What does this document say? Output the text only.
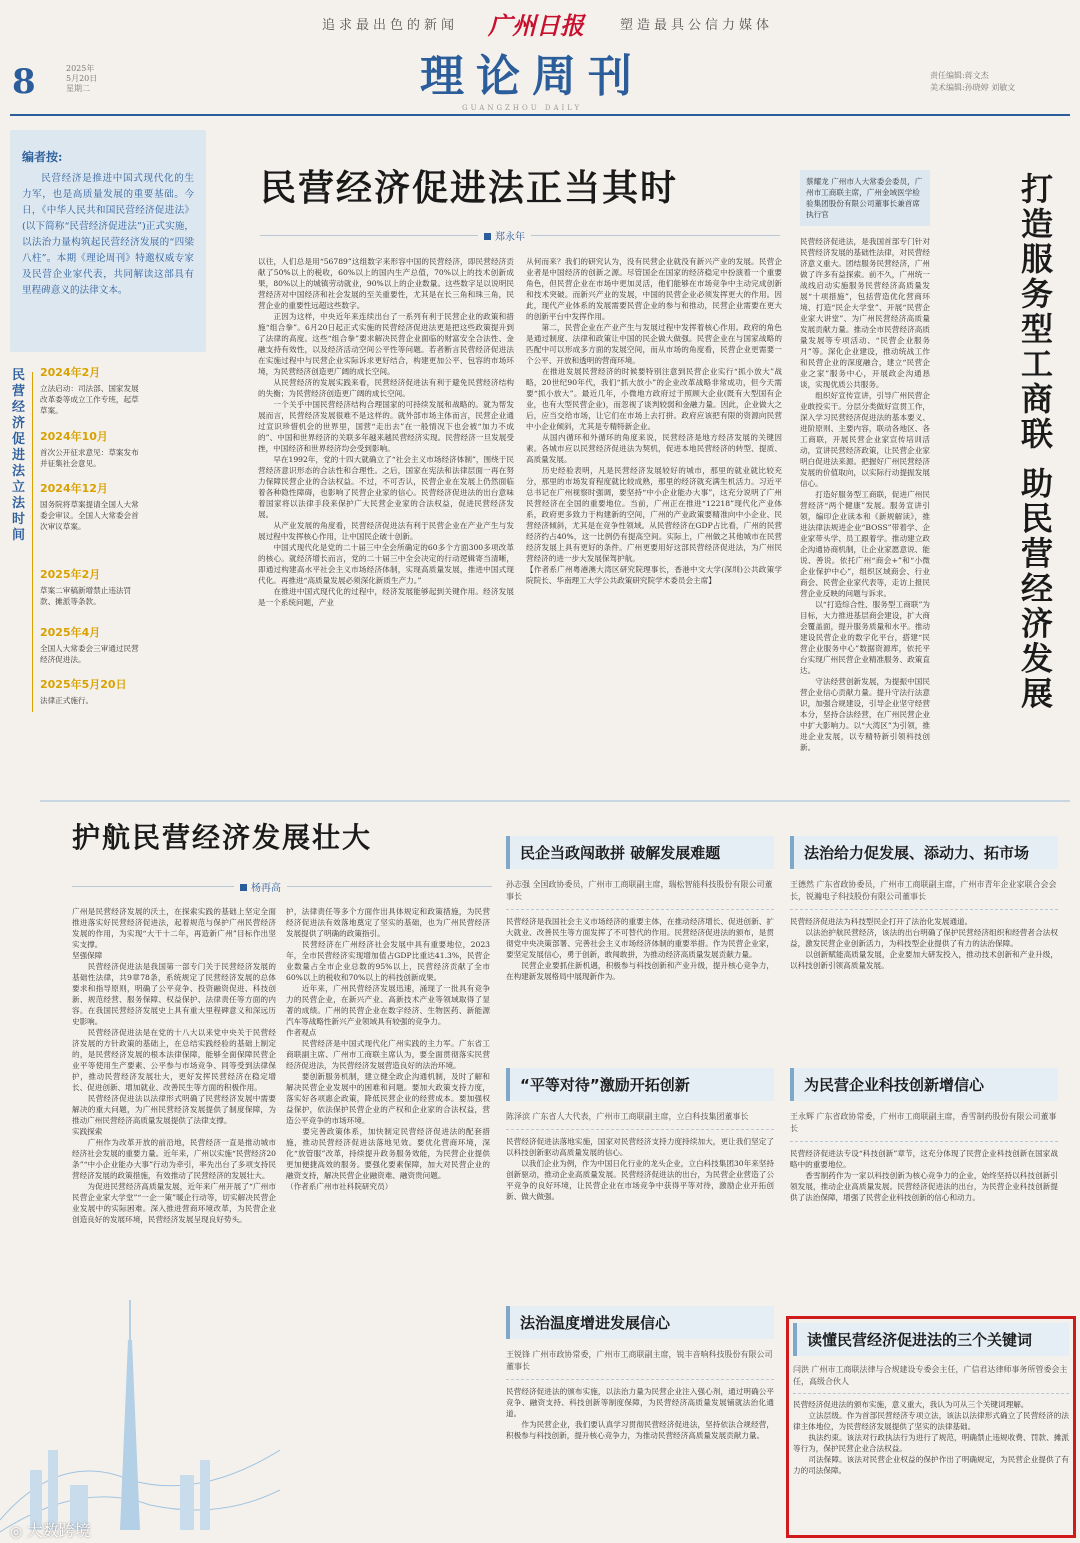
追求最出色的新闻 广州日报	塑造最具公信力媒体
理论周刊
GUANGZHOU DAILY
8	2025年
5月20日
星期二
责任编辑:蒋文杰
美术编辑:孙晓婷 刘敏文
编者按:
民营经济是推进中国式现代化的生力军，也是高质量发展的重要基础。今日，《中华人民共和国民营经济促进法》(以下简称“民营经济促进法”)正式实施，以法治力量构筑起民营经济发展的“四梁八柱”。本期《理论周刊》特邀权威专家及民营企业家代表，共同解读这部具有里程碑意义的法律文本。
民营经济促进法立法时间
2024年2月
立法启动：司法部、国家发展改革委等成立工作专班，起草草案。
2024年10月
首次公开征求意见：草案发布并征集社会意见。
2024年12月
国务院将草案提请全国人大常委会审议。全国人大常委会首次审议草案。
2025年2月
草案二审稿新增禁止违法罚款、摊派等条款。
2025年4月
全国人大常委会三审通过民营经济促进法。
2025年5月20日
法律正式施行。
民营经济促进法正当其时
郑永年
以往，人们总是用“56789”这组数字来形容中国的民营经济，即民营经济贡献了50%以上的税收，60%以上的国内生产总值，70%以上的技术创新成果，80%以上的城镇劳动就业，90%以上的企业数量。这些数字足以说明民营经济对中国经济和社会发展的至关重要性，尤其是在长三角和珠三角，民营企业的重要性远超这些数字。
　　正因为这样，中央近年来连续出台了一系列有利于民营企业的政策和措施“组合拳”。6月20日起正式实施的民营经济促进法更是把这些政策提升到了法律的高度。这些“组合拳”要求解决民营企业面临的财富安全合法性、金融支持有效性，以及经济活动空间公平性等问题。若者断言民营经济促进法在实施过程中与民营企业实际诉求更好结合，构建更加公平、包容的市场环境，为民营经济创造更广阔的成长空间。
　　从民营经济的发展实践来看，民营经济促进法有利于避免民营经济结构的失衡；为民营经济创造更广阔的成长空间。
　　一个关乎中国民营经济结构合理国家的可持续发展和战略的。就为帮发展而言，民营经济发展很难不是这样的。就外部市场主体而言，民营企业通过宣识珍惜机会的世界里，国营“走出去”在一般情况下也会被“加力不成的”、中国和世界经济的关联多年越来越民营经济实现。民营经济一旦发展受挫，中国经济和世界经济均会受到影响。
　　早在1992年，党的十四大就确立了“社会主义市场经济体制”，围绕于民营经济意识形态的合法性和合理性。之后，国家在宪法和法律层面一再在努力保障民营企业的合法权益。不过，不可否认，民营企业在发展上仍然面临着各种隐性障碍，也影响了民营企业家的信心。民营经济促进法的出台意味着国家将以法律手段来保护广大民营企业家的合法权益，促进民营经济发展。
　　从产业发展的角度看，民营经济促进法有利于民营企业在产业产生与发展过程中发挥核心作用，让中国民企破十创新。
　　中国式现代化是党的二十届三中全会所确定的60多个方面300多项改革的核心。就经济增长而言，党的二十届三中全会决定的行动逻辑寄当清晰，即通过构建高水平社会主义市场经济体制，实现高质量发展，推进中国式现代化。再推进“高质量发展必须深化新质生产力。”
　　在推进中国式现代化的过程中，经济发展能够起到关键作用。经济发展是一个系统问题，产业
从何而来？我们的研究认为，没有民营企业就没有新兴产业的发展。民营企业者是中国经济的创新之源。尽管国企在国家的经济稳定中扮演着一个重要角色，但民营企业在市场中更加灵活，他们能够在市场竞争中主动完成创新和技术突破。而新兴产业的发展，中国的民营企业必须发挥更大的作用。因此，现代产业体系的发展需要民营企业的参与和推动，民营企业需要在更大的创新平台中发挥作用。
　　第二，民营企业在产业产生与发展过程中发挥着核心作用。政府的角色是通过制度、法律和政策让中国的民企做大做强。民营企业在与国家战略的匹配中可以形成多方面的发展空间，而从市场的角度看，民营企业更需要一个公平、开放和透明的营商环境。
　　在推进发展民营经济的时候要特别注意到民营企业实行“抓小放大”战略，20世纪90年代，我们“抓大放小”的企业改革战略非常成功，但今天需要“抓小放大”。最近几年，小微地方政府过于照顾大企业(既有大型国有企业，也有大型民营企业)，而忽视了谈判较弱和金融力量。因此，企业做大之后，应当交给市场，让它们在市场上去打拼。政府应该把有限的资源向民营中小企业倾斜，尤其是专精特新企业。
　　从国内循环和外循环的角度来说，民营经济是地方经济发展的关键因素。各城市应以民营经济促进法为契机，促进本地民营经济的转型、提质、高质量发展。
　　历史经验表明，凡是民营经济发展较好的城市，那里的就业就比较充分，那里的市场发育程度就比较成熟，那里的经济就充满生机活力。习近平总书记在广州视察时强调，要坚持“中小企业能办大事”，这充分说明了广州民营经济在全国的重要地位。当前，广州正在推进“12218”现代化产业体系，政府更多致力于构建新的空间，广州的产业政策要精准向中小企业、民营经济倾斜，尤其是在竞争性领域。从民营经济在GDP占比看，广州的民营经济约占40%，这一比例仍有提高空间。实际上，广州做之其他城市在民营经济发展上具有更好的条件。广州更要用好这部民营经济促进法，为广州民营经济的进一步大发展保驾护航。
【作者系广州粤港澳大湾区研究院理事长，香港中文大学(深圳)公共政策学院院长、华南理工大学公共政策研究院学术委员会主席】
蔡耀龙 广州市人大常委会委员，广州市工商联主席，广州金域医学检验集团股份有限公司董事长兼首席执行官
民营经济促进法，是我国首部专门针对民营经济发展的基础性法律，对民营经济意义重大。团结服务民营经济，广州做了许多有益探索。前不久，广州统一战线启动实施服务民营经济高质量发展“十项措施”，包括营造优化营商环境、打造“民企大学堂”、开展“民营企业家大讲堂”、为广州民营经济高质量发展贡献力量。推动全市民营经济高质量发展等专项活动、“民营企业服务月”等。深化企业建设，推动统战工作和民营企业的深度融合，建立“民营企业之家”服务中心，开展政企沟通恳谈，实现优质公共服务。
　　组织好宣传宣讲，引导广州民营企业敢投实干。分层分类做好宣贯工作，深入学习民营经济促进法的基本要义、进阶原则、主要内容，联动各地区、各工商联，开展民营企业家宣传培训活动，宣讲民营经济政策，让民营企业家明白促进法来源。把握好广州民营经济发展的价值取向，以实际行动提振发展信心。
　　打造好服务型工商联，促进广州民营经济“两个健康”发展。服务宣讲引领，编印企业读本和《新规解读》，推进法律法规进企业“BOSS”带着学、企业家带头学、员工跟着学。推动建立政企沟通协商机制，让企业家愿意说、能说、善说。依托广州“商会+”和“小微企业保护中心”，组织区域商会、行业商会、民营企业家代表等，走访上报民营企业反映的问题与诉求。
　　以“打造综合性、服务型工商联”为目标，大力推进基层商会建设，扩大商会覆盖面，提升服务质量和水平。推动建设民营企业的数字化平台，搭建“民营企业服务中心”数据资源库，依托平台实现广州民营企业精准服务、政策直达。
　　守法经营创新发展，为提振中国民营企业信心贡献力量。提升守法行法意识，加强合规建设，引导企业坚守经营本分，坚持合法经营，在广州民营企业中扩大影响力。以“大湾区”为引领，推进企业发展，以专精特新引领科技创新。
打造服务型工商联 助民营经济发展
护航民营经济发展壮大
杨再高
广州是民营经济发展的沃土，在探索实践的基础上坚定全面推进落实好民营经济促进法，起着规范与保护广州民营经济发展的作用，为实现“大干十二年，再造新广州”目标作出坚实支撑。
坚强保障
　　民营经济促进法是我国第一部专门关于民营经济发展的基础性法律，共9章78条，系统规定了民营经济发展的总体要求和指导原则，明确了公平竞争、投资融资促进、科技创新、规范经营、服务保障、权益保护、法律责任等方面的内容。在我国民营经济发展史上具有重大里程碑意义和深远历史影响。
　　民营经济促进法是在党的十八大以来党中央关于民营经济发展的方针政策的基础上，在总结实践经验的基础上制定的，是民营经济发展的根本法律保障，能够全面保障民营企业平等使用生产要素、公平参与市场竞争、同等受到法律保护，推动民营经济发展壮大，更好发挥民营经济在稳定增长、促进创新、增加就业、改善民生等方面的积极作用。
　　民营经济促进法以法律形式明确了民营经济发展中需要解决的重大问题，为广州民营经济发展提供了制度保障，为推动广州民营经济高质量发展提供了法律支撑。
实践探索
　　广州作为改革开放的前沿地，民营经济一直是推动城市经济社会发展的重要力量。近年来，广州以实施“民营经济20条”“中小企业能办大事”行动为牵引，率先出台了多项支持民营经济发展的政策措施，有效推动了民营经济的发展壮大。
　　为促进民营经济高质量发展，近年来广州开展了“广州市民营企业家大学堂”“一企一策”暖企行动等，切实解决民营企业发展中的实际困难。深入推进营商环境改革，为民营企业创造良好的发展环境，民营经济发展呈现良好势头。
护，法律责任等多个方面作出具体规定和政策措施，为民营经济促进法有效落地奠定了坚实的基础，也为广州民营经济发展提供了明确的政策指引。
　　民营经济在广州经济社会发展中具有重要地位，2023年，全市民营经济实现增加值占GDP比重达41.3%，民营企业数量占全市企业总数的95%以上，民营经济贡献了全市60%以上的税收和70%以上的科技创新成果。
　　近年来，广州民营经济发展迅速，涌现了一批具有竞争力的民营企业，在新兴产业、高新技术产业等领域取得了显著的成绩。广州的民营企业在数字经济、生物医药、新能源汽车等战略性新兴产业领域具有较强的竞争力。
作者观点
　　民营经济是中国式现代化广州实践的主力军。广东省工商联副主席、广州市工商联主席认为，要全面贯彻落实民营经济促进法，为民营经济发展营造良好的法治环境。
　　要创新服务机制，建立健全政企沟通机制，及时了解和解决民营企业发展中的困难和问题。要加大政策支持力度，落实好各项惠企政策，降低民营企业的经营成本。要加强权益保护，依法保护民营企业的产权和企业家的合法权益，营造公平竞争的市场环境。
　　要完善政策体系，加快制定民营经济促进法的配套措施，推动民营经济促进法落地见效。要优化营商环境，深化“放管服”改革，持续提升政务服务效能，为民营企业提供更加便捷高效的服务。要强化要素保障，加大对民营企业的融资支持，解决民营企业融资难、融资贵问题。
（作者系广州市社科院研究员）
◎ 大数跨境
民企当政闯敢拼 破解发展难题
孙志强 全国政协委员，广州市工商联副主席，瑞松智能科技股份有限公司董事长
民营经济是我国社会主义市场经济的重要主体，在推动经济增长、促进创新、扩大就业、改善民生等方面发挥了不可替代的作用。民营经济促进法的颁布，是贯彻党中央决策部署、完善社会主义市场经济体制的重要举措。作为民营企业家，要坚定发展信心，勇于创新，敢闯敢拼，为推动经济高质量发展贡献力量。
　　民营企业要抓住新机遇，积极参与科技创新和产业升级，提升核心竞争力，在构建新发展格局中展现新作为。
法治给力促发展、添动力、拓市场
王德然 广东省政协委员，广州市工商联副主席，广州市青年企业家联合会会长，锐瀚电子科技股份有限公司董事长
民营经济促进法为科技型民企打开了法治化发展通道。
　　以法治护航民营经济，该法的出台明确了保护民营经济组织和经营者合法权益，激发民营企业创新活力，为科技型企业提供了有力的法治保障。
　　以创新赋能高质量发展，企业要加大研发投入，推动技术创新和产业升级，以科技创新引领高质量发展。
“平等对待”激励开拓创新
陈泽滨 广东省人大代表，广州市工商联副主席，立白科技集团董事长
民营经济促进法落地实施，国家对民营经济支持力度持续加大，更让我们坚定了以科技创新驱动高质量发展的信心。
　　以我们企业为例，作为中国日化行业的龙头企业，立白科技集团30年来坚持创新驱动，推动企业高质量发展。民营经济促进法的出台，为民营企业营造了公平竞争的良好环境，让民营企业在市场竞争中获得平等对待，激励企业开拓创新、做大做强。
为民营企业科技创新增信心
王永辉 广东省政协常委，广州市工商联副主席，香雪制药股份有限公司董事长
民营经济促进法专设“科技创新”章节，这充分体现了民营企业科技创新在国家战略中的重要地位。
　　香雪制药作为一家以科技创新为核心竞争力的企业，始终坚持以科技创新引领发展，推动企业高质量发展。民营经济促进法的出台，为民营企业科技创新提供了法治保障，增强了民营企业科技创新的信心和动力。
法治温度增进发展信心
王锐锋 广州市政协常委，广州市工商联副主席，锐丰音响科技股份有限公司董事长
民营经济促进法的颁布实施，以法治力量为民营企业注入强心剂，通过明确公平竞争、融资支持、科技创新等制度保障，为民营经济高质量发展铺就法治化通道。
　　作为民营企业，我们要认真学习贯彻民营经济促进法，坚持依法合规经营，积极参与科技创新，提升核心竞争力，为推动民营经济高质量发展贡献力量。
读懂民营经济促进法的三个关键词
闫洪 广州市工商联法律与合规建设专委会主任，广信君达律师事务所管委会主任，高级合伙人
民营经济促进法的颁布实施，意义重大，我认为可从三个关键词理解。
　　立法层级。作为首部民营经济专项立法，该法以法律形式确立了民营经济的法律主体地位，为民营经济发展提供了坚实的法律基础。
　　执法约束。该法对行政执法行为进行了规范，明确禁止违规收费、罚款、摊派等行为，保护民营企业合法权益。
　　司法保障。该法对民营企业权益的保护作出了明确规定，为民营企业提供了有力的司法保障。
